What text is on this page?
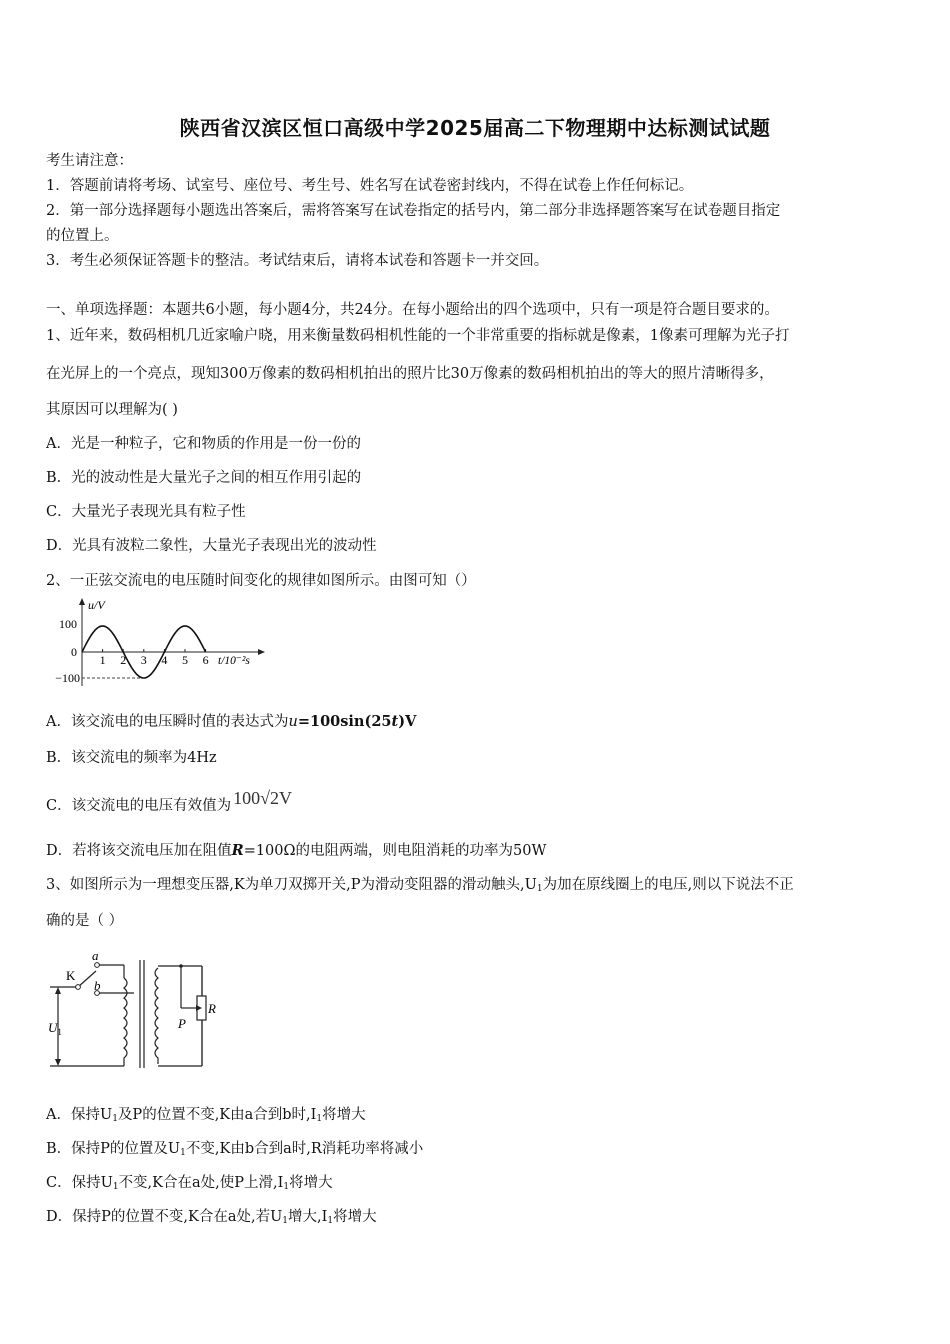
陕西省汉滨区恒口高级中学2025届高二下物理期中达标测试试题
考生请注意：
1．答题前请将考场、试室号、座位号、考生号、姓名写在试卷密封线内，不得在试卷上作任何标记。
2．第一部分选择题每小题选出答案后，需将答案写在试卷指定的括号内，第二部分非选择题答案写在试卷题目指定
的位置上。
3．考生必须保证答题卡的整洁。考试结束后，请将本试卷和答题卡一并交回。
一、单项选择题：本题共6小题，每小题4分，共24分。在每小题给出的四个选项中，只有一项是符合题目要求的。
1、近年来，数码相机几近家喻户晓，用来衡量数码相机性能的一个非常重要的指标就是像素，1像素可理解为光子打
在光屏上的一个亮点，现知300万像素的数码相机拍出的照片比30万像素的数码相机拍出的等大的照片清晰得多，
其原因可以理解为( )
A．光是一种粒子，它和物质的作用是一份一份的
B．光的波动性是大量光子之间的相互作用引起的
C．大量光子表现光具有粒子性
D．光具有波粒二象性，大量光子表现出光的波动性
2、一正弦交流电的电压随时间变化的规律如图所示。由图可知（）
u/V
t/10⁻²s
100
0
−100
1 2 3 4 5 6
A．该交流电的电压瞬时值的表达式为u=100sin(25t)V
B．该交流电的频率为4Hz
C．该交流电的电压有效值为 100√2V
D．若将该交流电压加在阻值R=100Ω的电阻两端，则电阻消耗的功率为50W
3、如图所示为一理想变压器,K为单刀双掷开关,P为滑动变阻器的滑动触头$,U_1$为加在原线圈上的电压,则以下说法不正
确的是（ ）
a
b
K
$U_1$
P
R
A．保持$U_1$及P的位置不变,K由a合到b时$,I_1$将增大
B．保持P的位置及$U_1$不变,K由b合到a时,R消耗功率将减小
C．保持$U_1$不变,K合在a处,使P上滑$,I_1$将增大
D．保持P的位置不变,K合在a处,若$U_1$增大$,I_1$将增大
